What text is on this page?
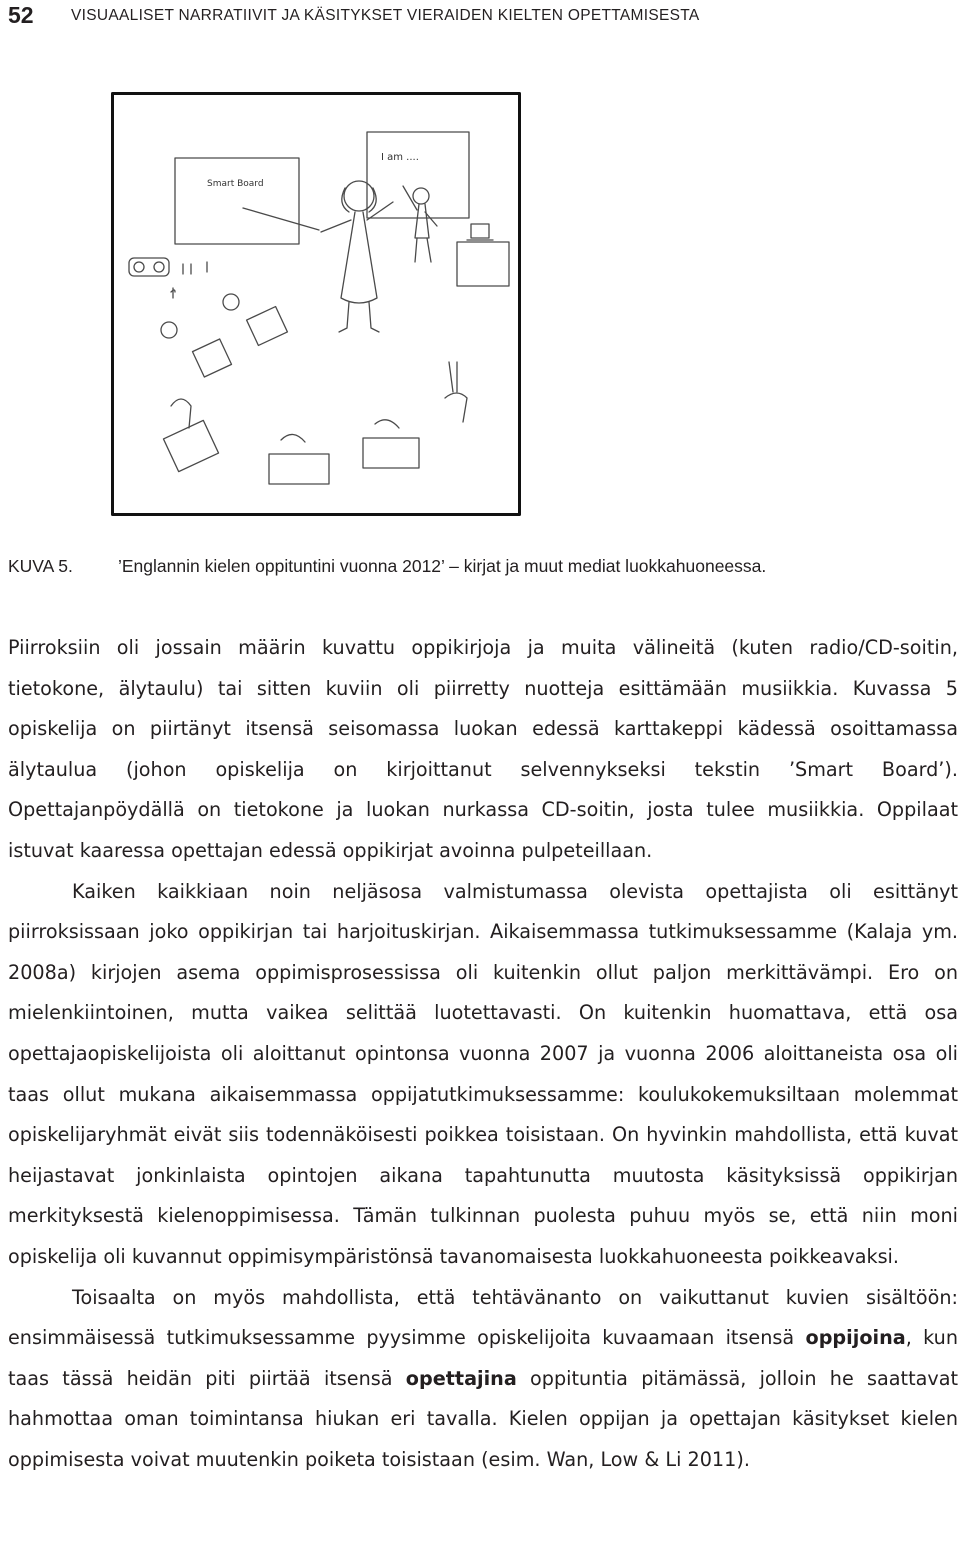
52 VISUAALISET NARRATIIVIT JA KÄSITYKSET VIERAIDEN KIELTEN OPETTAMISESTA
Smart Board
I am ....
KUVA 5.	’Englannin kielen oppituntini vuonna 2012’ – kirjat ja muut mediat luokkahuoneessa.

Piirroksiin oli jossain määrin kuvattu oppikirjoja ja muita välineitä (kuten radio/CD-soitin, tietokone, älytaulu) tai sitten kuviin oli piirretty nuotteja esittämään musiikkia. Kuvassa 5 opiskelija on piirtänyt itsensä seisomassa luokan edessä karttakeppi kädessä osoittamassa älytaulua (johon opiskelija on kirjoittanut selvennykseksi tekstin ’Smart Board’). Opettajanpöydällä on tietokone ja luokan nurkassa CD-soitin, josta tulee musiikkia. Oppilaat istuvat kaaressa opettajan edessä oppikirjat avoinna pulpeteillaan.

Kaiken kaikkiaan noin neljäsosa valmistumassa olevista opettajista oli esittänyt piirroksissaan joko oppikirjan tai harjoituskirjan. Aikaisemmassa tutkimuksessamme (Kalaja ym. 2008a) kirjojen asema oppimisprosessissa oli kuitenkin ollut paljon merkittävämpi. Ero on mielenkiintoinen, mutta vaikea selittää luotettavasti. On kuitenkin huomattava, että osa opettajaopiskelijoista oli aloittanut opintonsa vuonna 2007 ja vuonna 2006 aloittaneista osa oli taas ollut mukana aikaisemmassa oppijatutkimuksessamme: koulukokemuksiltaan molemmat opiskelijaryhmät eivät siis todennäköisesti poikkea toisistaan. On hyvinkin mahdollista, että kuvat heijastavat jonkinlaista opintojen aikana tapahtunutta muutosta käsityksissä oppikirjan merkityksestä kielenoppimisessa. Tämän tulkinnan puolesta puhuu myös se, että niin moni opiskelija oli kuvannut oppimisympäristönsä tavanomaisesta luokkahuoneesta poikkeavaksi.

Toisaalta on myös mahdollista, että tehtävänanto on vaikuttanut kuvien sisältöön: ensimmäisessä tutkimuksessamme pyysimme opiskelijoita kuvaamaan itsensä oppijoina, kun taas tässä heidän piti piirtää itsensä opettajina oppituntia pitämässä, jolloin he saattavat hahmottaa oman toimintansa hiukan eri tavalla. Kielen oppijan ja opettajan käsitykset kielen oppimisesta voivat muutenkin poiketa toisistaan (esim. Wan, Low & Li 2011).
